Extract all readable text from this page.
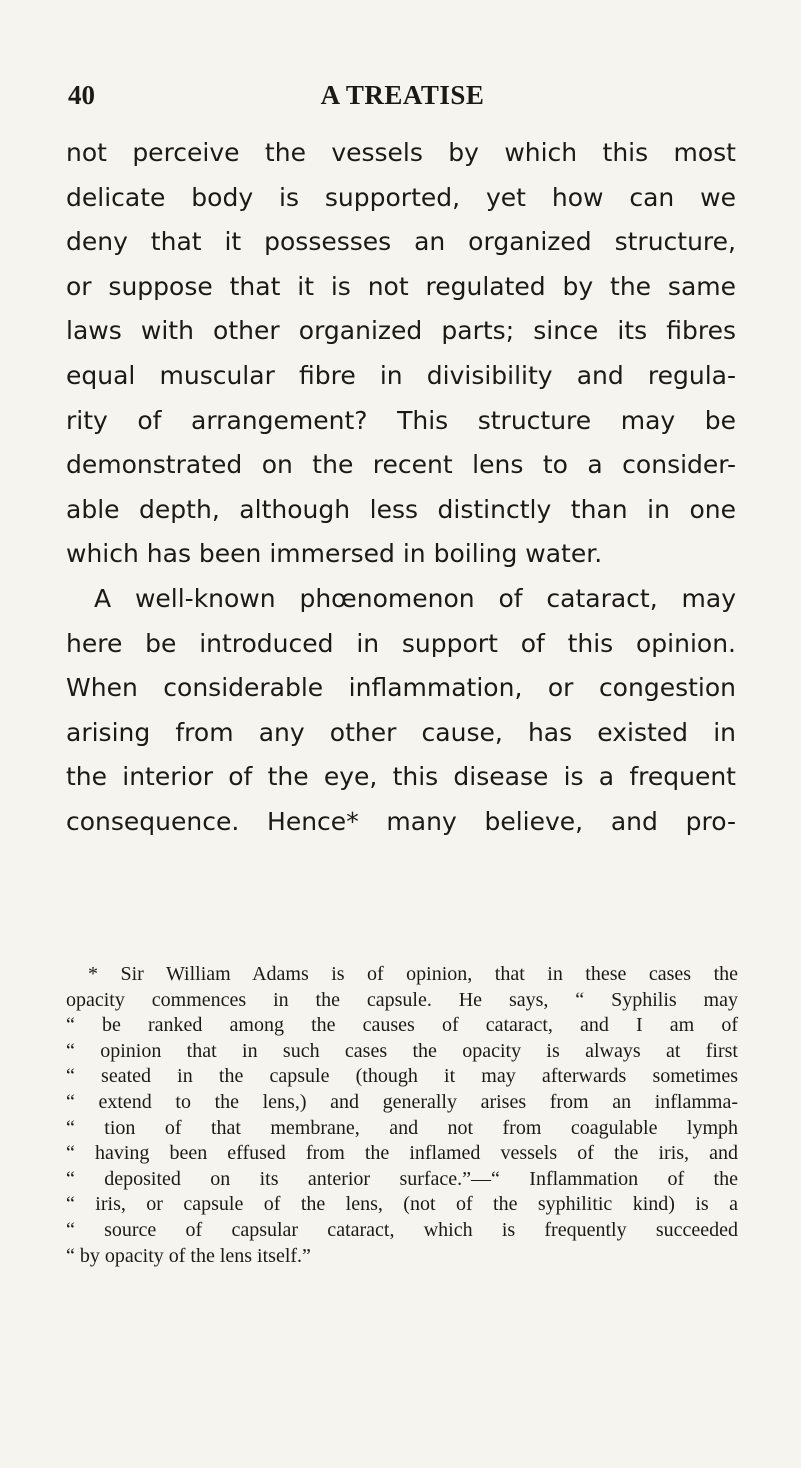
40	A TREATISE
not perceive the vessels by which this most
delicate body is supported, yet how can we
deny that it possesses an organized structure,
or suppose that it is not regulated by the same
laws with other organized parts; since its fibres
equal muscular fibre in divisibility and regula-
rity of arrangement? This structure may be
demonstrated on the recent lens to a consider-
able depth, although less distinctly than in one
which has been immersed in boiling water.
A well-known phœnomenon of cataract, may
here be introduced in support of this opinion.
When considerable inflammation, or congestion
arising from any other cause, has existed in
the interior of the eye, this disease is a frequent
consequence. Hence* many believe, and pro-
* Sir William Adams is of opinion, that in these cases the
opacity commences in the capsule. He says, “ Syphilis may
“ be ranked among the causes of cataract, and I am of
“ opinion that in such cases the opacity is always at first
“ seated in the capsule (though it may afterwards sometimes
“ extend to the lens,) and generally arises from an inflamma-
“ tion of that membrane, and not from coagulable lymph
“ having been effused from the inflamed vessels of the iris, and
“ deposited on its anterior surface.”—“ Inflammation of the
“ iris, or capsule of the lens, (not of the syphilitic kind) is a
“ source of capsular cataract, which is frequently succeeded
“ by opacity of the lens itself.”
